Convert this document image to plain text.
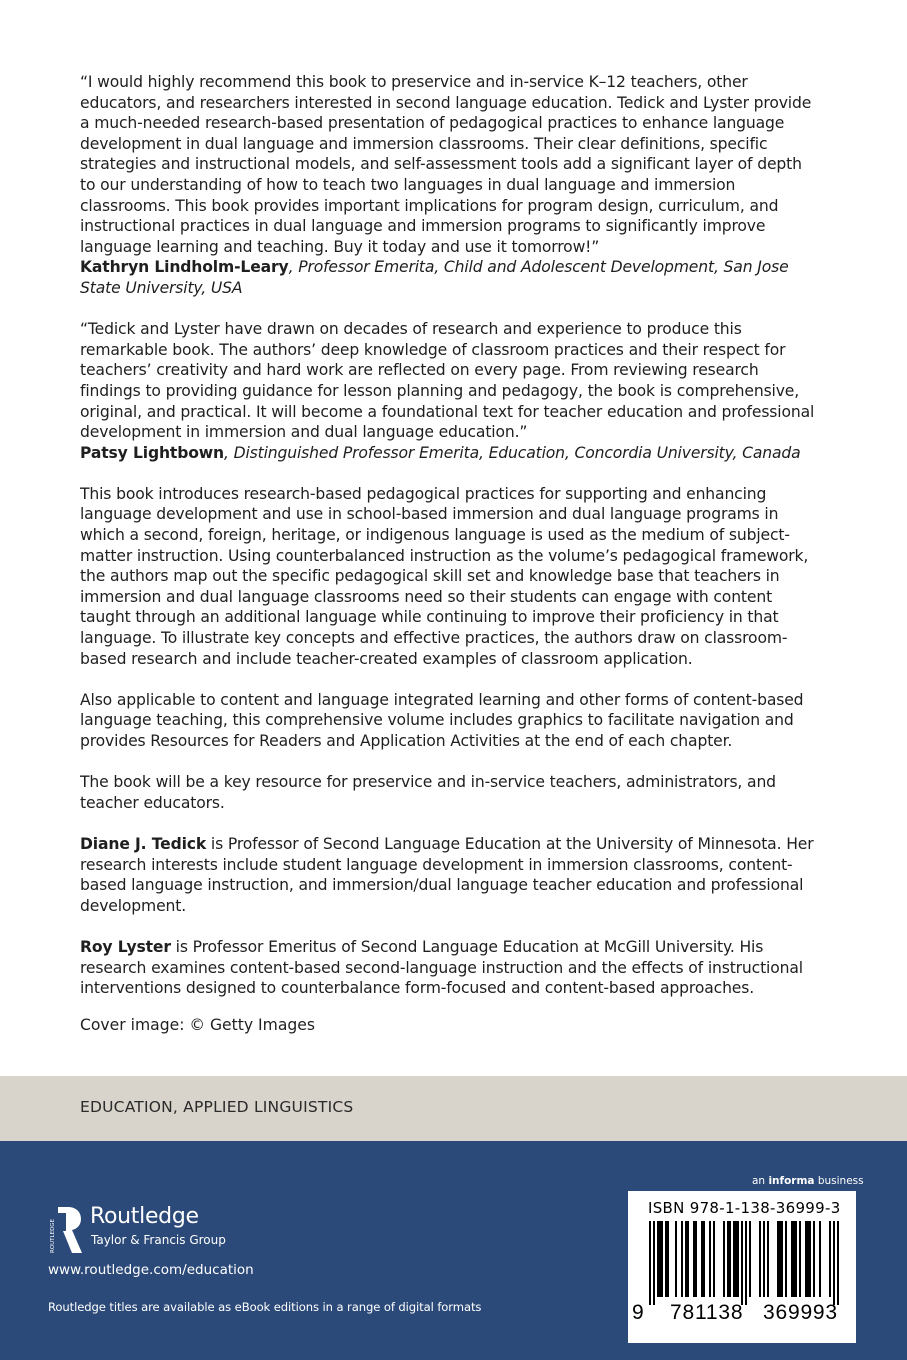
“I would highly recommend this book to preservice and in-service K–12 teachers, other educators, and researchers interested in second language education. Tedick and Lyster provide a much-needed research-based presentation of pedagogical practices to enhance language development in dual language and immersion classrooms. Their clear definitions, specific strategies and instructional models, and self-assessment tools add a significant layer of depth to our understanding of how to teach two languages in dual language and immersion classrooms. This book provides important implications for program design, curriculum, and instructional practices in dual language and immersion programs to significantly improve language learning and teaching. Buy it today and use it tomorrow!”

Kathryn Lindholm-Leary, Professor Emerita, Child and Adolescent Development, San Jose State University, USA

“Tedick and Lyster have drawn on decades of research and experience to produce this remarkable book. The authors’ deep knowledge of classroom practices and their respect for teachers’ creativity and hard work are reflected on every page. From reviewing research findings to providing guidance for lesson planning and pedagogy, the book is comprehensive, original, and practical. It will become a foundational text for teacher education and professional development in immersion and dual language education.”

Patsy Lightbown, Distinguished Professor Emerita, Education, Concordia University, Canada

This book introduces research-based pedagogical practices for supporting and enhancing language development and use in school-based immersion and dual language programs in which a second, foreign, heritage, or indigenous language is used as the medium of subject-matter instruction. Using counterbalanced instruction as the volume’s pedagogical framework, the authors map out the specific pedagogical skill set and knowledge base that teachers in immersion and dual language classrooms need so their students can engage with content taught through an additional language while continuing to improve their proficiency in that language. To illustrate key concepts and effective practices, the authors draw on classroom-based research and include teacher-created examples of classroom application.

Also applicable to content and language integrated learning and other forms of content-based language teaching, this comprehensive volume includes graphics to facilitate navigation and provides Resources for Readers and Application Activities at the end of each chapter.

The book will be a key resource for preservice and in-service teachers, administrators, and teacher educators.

Diane J. Tedick is Professor of Second Language Education at the University of Minnesota. Her research interests include student language development in immersion classrooms, content-based language instruction, and immersion/dual language teacher education and professional development.

Roy Lyster is Professor Emeritus of Second Language Education at McGill University. His research examines content-based second-language instruction and the effects of instructional interventions designed to counterbalance form-focused and content-based approaches.

Cover image: © Getty Images
EDUCATION, APPLIED LINGUISTICS
ROUTLEDGE
Routledge
Taylor & Francis Group
www.routledge.com/education
Routledge titles are available as eBook editions in a range of digital formats
an informa business
ISBN 978-1-138-36999-3
9 781138 369993
